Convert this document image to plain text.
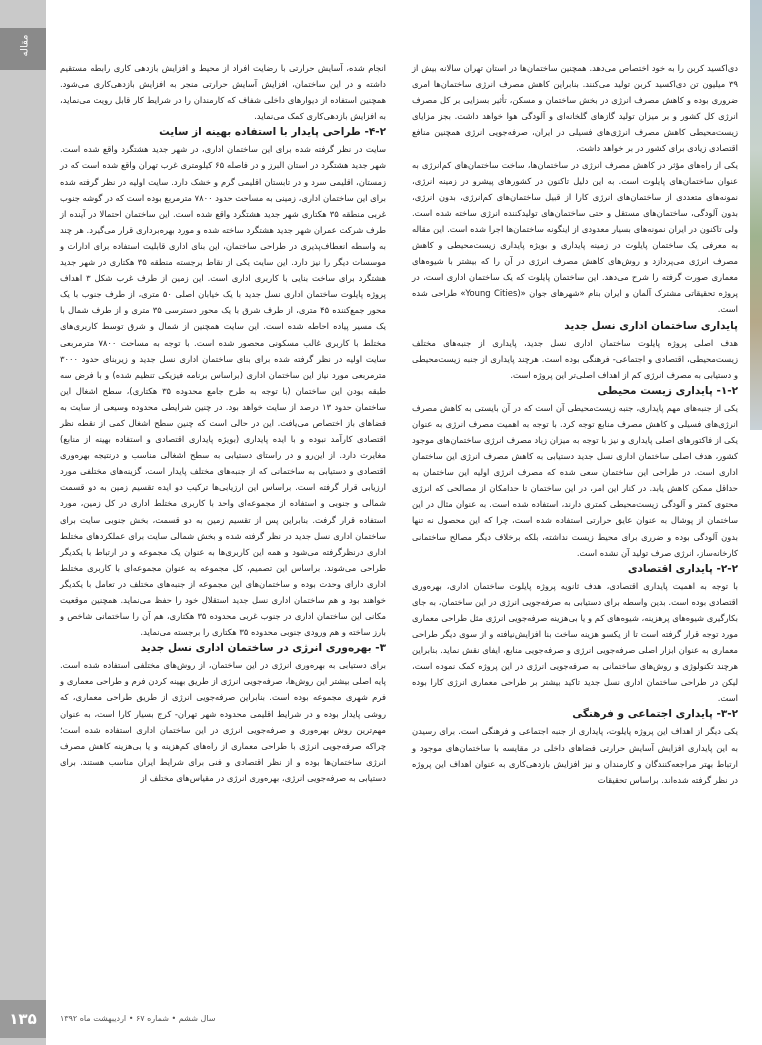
مقاله
۱۳۵

دی‌اکسید کربن را به خود اختصاص می‌دهد. همچنین ساختمان‌ها در استان تهران سالانه بیش از ۳۹ میلیون تن دی‌اکسید کربن تولید می‌کنند. بنابراین کاهش مصرف انرژی ساختمان‌ها امری ضروری بوده و کاهش مصرف انرژی در بخش ساختمان و مسکن، تأثیر بسزایی بر کل مصرف انرژی کل کشور و بر میزان تولید گازهای گلخانه‌ای و آلودگی هوا خواهد داشت. بجز مزایای زیست‌محیطی کاهش مصرف انرژی‌های فسیلی در ایران، صرفه‌جویی انرژی همچنین منافع اقتصادی زیادی برای کشور در بر خواهد داشت.

یکی از راه‌های مؤثر در کاهش مصرف انرژی در ساختمان‌ها، ساخت ساختمان‌های کم‌انرژی به عنوان ساختمان‌های پایلوت است. به این دلیل تاکنون در کشورهای پیشرو در زمینه انرژی، نمونه‌های متعددی از ساختمان‌های انرژی کارا از قبیل ساختمان‌های کم‌انرژی، بدون انرژی، بدون آلودگی، ساختمان‌های مستقل و حتی ساختمان‌های تولیدکننده انرژی ساخته شده است. ولی تاکنون در ایران نمونه‌های بسیار معدودی از اینگونه ساختمان‌ها اجرا شده است. این مقاله به معرفی یک ساختمان پایلوت در زمینه پایداری و بویژه پایداری زیست‌محیطی و کاهش مصرف انرژی می‌پردازد و روش‌های کاهش مصرف انرژی در آن را که بیشتر با شیوه‌های معماری صورت گرفته را شرح می‌دهد. این ساختمان پایلوت که یک ساختمان اداری است، در پروژه تحقیقاتی مشترک آلمان و ایران بنام «شهرهای جوان «(Young Cities» طراحی شده است.

پایداری ساختمان اداری نسل جدید

هدف اصلی پروژه پایلوت ساختمان اداری نسل جدید، پایداری از جنبه‌های مختلف زیست‌محیطی، اقتصادی و اجتماعی- فرهنگی بوده است. هرچند پایداری از جنبه زیست‌محیطی و دستیابی به مصرف انرژی کم از اهداف اصلی‌تر این پروژه است.

۱-۲- پایداری زیست محیطی

یکی از جنبه‌های مهم پایداری، جنبه زیست‌محیطی آن است که در آن بایستی به کاهش مصرف انرژی‌های فسیلی و کاهش مصرف منابع توجه کرد. با توجه به اهمیت مصرف انرژی به عنوان یکی از فاکتورهای اصلی پایداری و نیز با توجه به میزان زیاد مصرف انرژی ساختمان‌های موجود کشور، هدف اصلی ساختمان اداری نسل جدید دستیابی به کاهش مصرف انرژی این ساختمان اداری است. در طراحی این ساختمان سعی شده که مصرف انرژی اولیه این ساختمان به حداقل ممکن کاهش یابد. در کنار این امر، در این ساختمان تا حدامکان از مصالحی که انرژی محتوی کمتر و آلودگی زیست‌محیطی کمتری دارند، استفاده شده است. به عنوان مثال در این ساختمان از پوشال به عنوان عایق حرارتی استفاده شده است، چرا که این محصول نه تنها بدون آلودگی بوده و ضرری برای محیط زیست نداشته، بلکه برخلاف دیگر مصالح ساختمانی کارخانه‌ساز، انرژی صرف تولید آن نشده است.

۲-۲- پایداری اقتصادی

با توجه به اهمیت پایداری اقتصادی، هدف ثانویه پروژه پایلوت ساختمان اداری، بهره‌وری اقتصادی بوده است. بدین واسطه برای دستیابی به صرفه‌جویی انرژی در این ساختمان، به جای بکارگیری شیوه‌های پرهزینه، شیوه‌های کم و یا بی‌هزینه صرفه‌جویی انرژی مثل طراحی معماری مورد توجه قرار گرفته است تا از یکسو هزینه ساخت بنا افزایش‌نیافته و از سوی دیگر طراحی معماری به عنوان ابزار اصلی صرفه‌جویی انرژی و صرفه‌جویی منابع، ایفای نقش نماید. بنابراین هرچند تکنولوژی و روش‌های ساختمانی به صرفه‌جویی انرژی در این پروژه کمک نموده است، لیکن در طراحی ساختمان اداری نسل جدید تاکید بیشتر بر طراحی معماری انرژی کارا بوده است.

۳-۲- پایداری اجتماعی و فرهنگی

یکی دیگر از اهداف این پروژه پایلوت، پایداری از جنبه اجتماعی و فرهنگی است. برای رسیدن به این پایداری افزایش آسایش حرارتی فضاهای داخلی در مقایسه با ساختمان‌های موجود و ارتباط بهتر مراجعه‌کنندگان و کارمندان و نیز افزایش بازدهی‌کاری به عنوان اهداف این پروژه در نظر گرفته شده‌اند. براساس تحقیقات

انجام شده، آسایش حرارتی با رضایت افراد از محیط و افزایش بازدهی کاری رابطه مستقیم داشته و در این ساختمان، افزایش آسایش حرارتی منجر به افزایش بازدهی‌کاری می‌شود. همچنین استفاده از دیوارهای داخلی شفاف که کارمندان را در شرایط کار قابل رویت می‌نماید، به افزایش بازدهی‌کاری کمک می‌نماید.

۴-۲- طراحی پایدار با استفاده بهینه از سایت

سایت در نظر گرفته شده برای این ساختمان اداری، در شهر جدید هشتگرد واقع شده است. شهر جدید هشتگرد در استان البرز و در فاصله ۶۵ کیلومتری غرب تهران واقع شده است که در زمستان، اقلیمی سرد و در تابستان اقلیمی گرم و خشک دارد. سایت اولیه در نظر گرفته شده برای این ساختمان اداری، زمینی به مساحت حدود ۷۸۰۰ مترمربع بوده است که در گوشه جنوب غربی منطقه ۳۵ هکتاری شهر جدید هشتگرد واقع شده است. این ساختمان احتمالا در آینده از طرف شرکت عمران شهر جدید هشتگرد ساخته شده و مورد بهره‌برداری قرار می‌گیرد. هر چند به واسطه انعطاف‌پذیری در طراحی ساختمان، این بنای اداری قابلیت استفاده برای ادارات و موسسات دیگر را نیز دارد. این سایت یکی از نقاط برجسته منطقه ۳۵ هکتاری در شهر جدید هشتگرد برای ساخت بنایی با کاربری اداری است. این زمین از طرف غرب شکل ۳ اهداف پروژه پایلوت ساختمان اداری نسل جدید با یک خیابان اصلی ۵۰ متری، از طرف جنوب با یک محور جمع‌کننده ۴۵ متری، از طرف شرق با یک محور دسترسی ۳۵ متری و از طرف شمال با یک مسیر پیاده احاطه شده است. این سایت همچنین از شمال و شرق توسط کاربری‌های مختلط با کاربری غالب مسکونی محصور شده است. با توجه به مساحت ۷۸۰۰ مترمربعی سایت اولیه در نظر گرفته شده برای بنای ساختمان اداری نسل جدید و زیربنای حدود ۳۰۰۰ مترمربعی مورد نیاز این ساختمان اداری (براساس برنامه فیزیکی تنظیم شده) و با فرض سه طبقه بودن این ساختمان (با توجه به طرح جامع محدوده ۳۵ هکتاری)، سطح اشغال این ساختمان حدود ۱۳ درصد از سایت خواهد بود. در چنین شرایطی محدوده وسیعی از سایت به فضاهای باز اختصاص می‌یافت. این در حالی است که چنین سطح اشغال کمی از نقطه نظر اقتصادی کارآمد نبوده و با ایده پایداری (بویژه پایداری اقتصادی و استفاده بهینه از منابع) مغایرت دارد. از این‌رو و در راستای دستیابی به سطح اشغالی مناسب و درنتیجه بهره‌وری اقتصادی و دستیابی به ساختمانی که از جنبه‌های مختلف پایدار است، گزینه‌های مختلفی مورد ارزیابی قرار گرفته است. براساس این ارزیابی‌ها ترکیب دو ایده تقسیم زمین به دو قسمت شمالی و جنوبی و استفاده از مجموعه‌ای واحد با کاربری مختلط اداری در کل زمین، مورد استفاده قرار گرفت. بنابراین پس از تقسیم زمین به دو قسمت، بخش جنوبی سایت برای ساختمان اداری نسل جدید در نظر گرفته شده و بخش شمالی سایت برای عملکردهای مختلط اداری درنظرگرفته می‌شود و همه این کاربری‌ها به عنوان یک مجموعه و در ارتباط با یکدیگر طراحی می‌شوند. براساس این تصمیم، کل مجموعه به عنوان مجموعه‌ای با کاربری مختلط اداری دارای وحدت بوده و ساختمان‌های این مجموعه از جنبه‌های مختلف در تعامل با یکدیگر خواهند بود و هم ساختمان اداری نسل جدید استقلال خود را حفظ می‌نماید. همچنین موقعیت مکانی این ساختمان اداری در جنوب غربی محدوده ۳۵ هکتاری، هم آن را ساختمانی شاخص و بارز ساخته و هم ورودی جنوبی محدوده ۳۵ هکتاری را برجسته می‌نماید.

۳- بهره‌وری انرژی در ساختمان اداری نسل جدید

برای دستیابی به بهره‌وری انرژی در این ساختمان، از روش‌های مختلفی استفاده شده است. پایه اصلی بیشتر این روش‌ها، صرفه‌جویی انرژی از طریق بهینه کردن فرم و طراحی معماری و فرم شهری مجموعه بوده است. بنابراین صرفه‌جویی انرژی از طریق طراحی معماری، که روشی پایدار بوده و در شرایط اقلیمی محدوده شهر تهران- کرج بسیار کارا است، به عنوان مهم‌ترین روش بهره‌وری و صرفه‌جویی انرژی در این ساختمان اداری استفاده شده است؛ چراکه صرفه‌جویی انرژی با طراحی معماری از راه‌های کم‌هزینه و یا بی‌هزینه کاهش مصرف انرژی ساختمان‌ها بوده و از نظر اقتصادی و فنی برای شرایط ایران مناسب هستند. برای دستیابی به صرفه‌جویی انرژی، بهره‌وری انرژی در مقیاس‌های مختلف از

سال ششم • شماره ۶۷ • اردیبهشت ماه ۱۳۹۲
